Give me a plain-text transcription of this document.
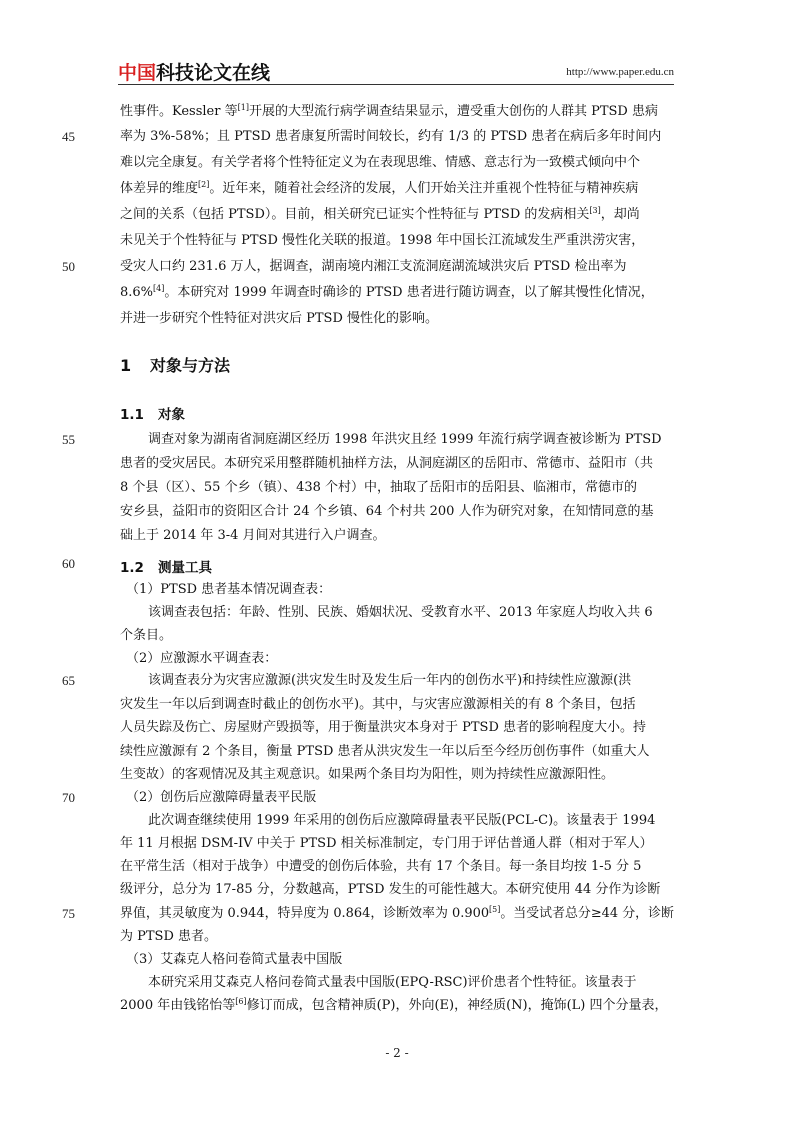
中国科技论文在线	http://www.paper.edu.cn
45
50
55
60
65
70
75
性事件。Kessler 等[1]开展的大型流行病学调查结果显示，遭受重大创伤的人群其 PTSD 患病
率为 3%-58%；且 PTSD 患者康复所需时间较长，约有 1/3 的 PTSD 患者在病后多年时间内
难以完全康复。有关学者将个性特征定义为在表现思维、情感、意志行为一致模式倾向中个
体差异的维度[2]。近年来，随着社会经济的发展，人们开始关注并重视个性特征与精神疾病
之间的关系（包括 PTSD）。目前，相关研究已证实个性特征与 PTSD 的发病相关[3]，却尚
未见关于个性特征与 PTSD 慢性化关联的报道。1998 年中国长江流域发生严重洪涝灾害，
受灾人口约 231.6 万人，据调查，湖南境内湘江支流洞庭湖流域洪灾后 PTSD 检出率为
8.6%[4]。本研究对 1999 年调查时确诊的 PTSD 患者进行随访调查，以了解其慢性化情况，
并进一步研究个性特征对洪灾后 PTSD 慢性化的影响。
1 对象与方法
1.1 对象
调查对象为湖南省洞庭湖区经历 1998 年洪灾且经 1999 年流行病学调查被诊断为 PTSD
患者的受灾居民。本研究采用整群随机抽样方法，从洞庭湖区的岳阳市、常德市、益阳市（共
8 个县（区）、55 个乡（镇）、438 个村）中，抽取了岳阳市的岳阳县、临湘市，常德市的
安乡县，益阳市的资阳区合计 24 个乡镇、64 个村共 200 人作为研究对象，在知情同意的基
础上于 2014 年 3-4 月间对其进行入户调查。
1.2 测量工具
（1）PTSD 患者基本情况调查表：
该调查表包括：年龄、性别、民族、婚姻状况、受教育水平、2013 年家庭人均收入共 6
个条目。
（2）应激源水平调查表：
该调查表分为灾害应激源(洪灾发生时及发生后一年内的创伤水平)和持续性应激源(洪
灾发生一年以后到调查时截止的创伤水平)。其中，与灾害应激源相关的有 8 个条目，包括
人员失踪及伤亡、房屋财产毁损等，用于衡量洪灾本身对于 PTSD 患者的影响程度大小。持
续性应激源有 2 个条目，衡量 PTSD 患者从洪灾发生一年以后至今经历创伤事件（如重大人
生变故）的客观情况及其主观意识。如果两个条目均为阳性，则为持续性应激源阳性。
（2）创伤后应激障碍量表平民版
此次调查继续使用 1999 年采用的创伤后应激障碍量表平民版(PCL-C)。该量表于 1994
年 11 月根据 DSM-IV 中关于 PTSD 相关标准制定，专门用于评估普通人群（相对于军人）
在平常生活（相对于战争）中遭受的创伤后体验，共有 17 个条目。每一条目均按 1-5 分 5
级评分，总分为 17-85 分，分数越高，PTSD 发生的可能性越大。本研究使用 44 分作为诊断
界值，其灵敏度为 0.944，特异度为 0.864，诊断效率为 0.900[5]。当受试者总分≥44 分，诊断
为 PTSD 患者。
（3）艾森克人格问卷简式量表中国版
本研究采用艾森克人格问卷简式量表中国版(EPQ-RSC)评价患者个性特征。该量表于
2000 年由钱铭怡等[6]修订而成，包含精神质(P)，外向(E)，神经质(N)，掩饰(L) 四个分量表，
- 2 -
